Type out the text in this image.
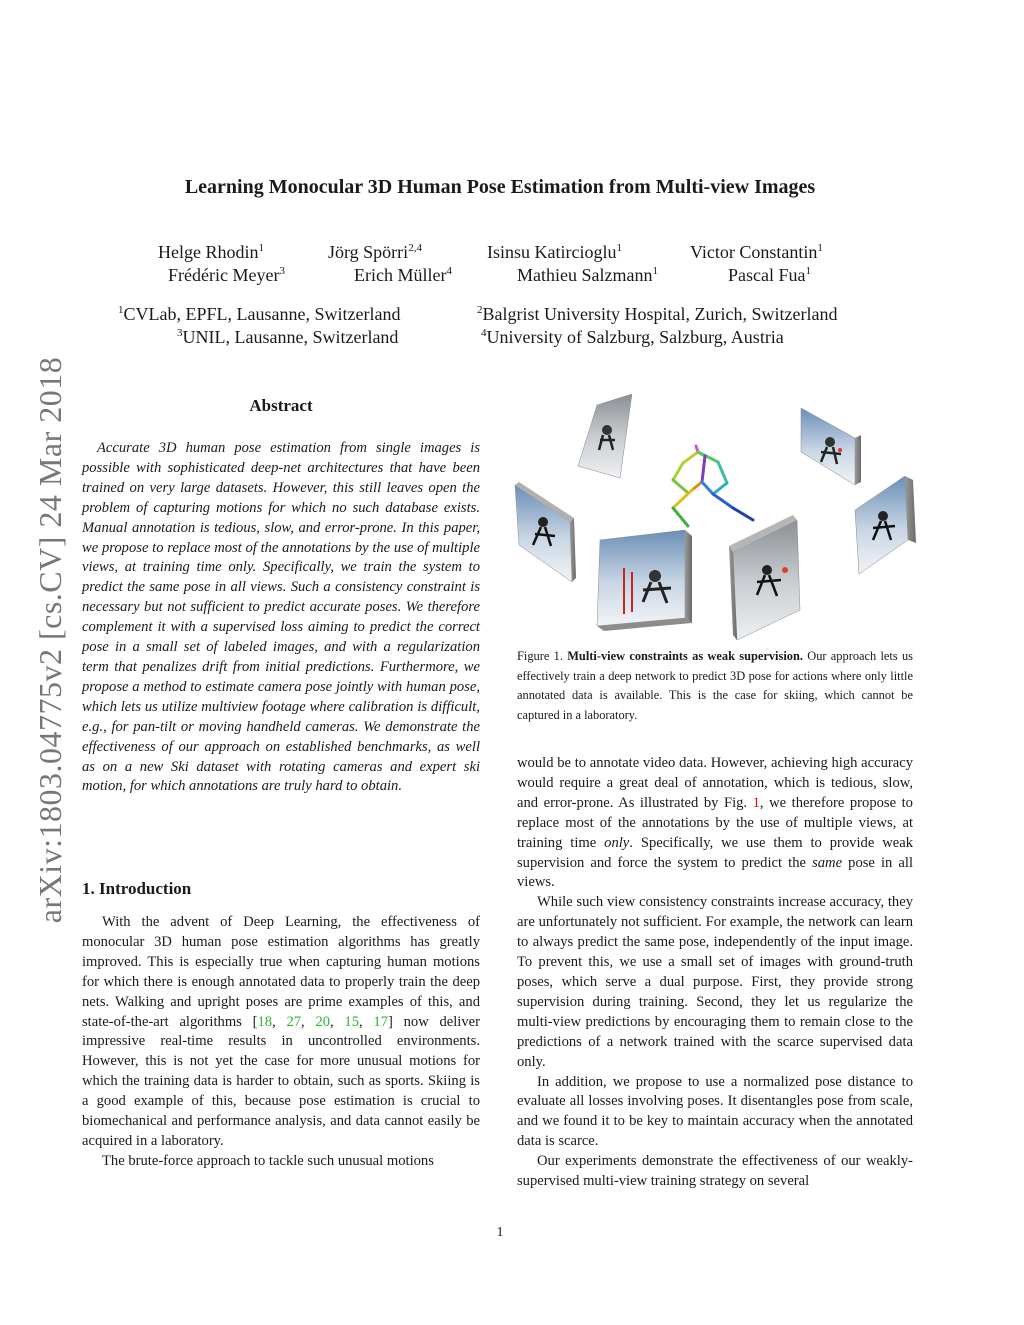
arXiv:1803.04775v2 [cs.CV] 24 Mar 2018
Learning Monocular 3D Human Pose Estimation from Multi-view Images
Helge Rhodin$^1$	Jörg Spörri$^{2,4}$	Isinsu Katircioglu$^1$	Victor Constantin$^1$
Frédéric Meyer$^3$	Erich Müller$^4$	Mathieu Salzmann$^1$	Pascal Fua$^1$
$^1$CVLab, EPFL, Lausanne, Switzerland	$^2$Balgrist University Hospital, Zurich, Switzerland
$^3$UNIL, Lausanne, Switzerland	$^4$University of Salzburg, Salzburg, Austria
Abstract
Accurate 3D human pose estimation from single images is possible with sophisticated deep-net architectures that have been trained on very large datasets. However, this still leaves open the problem of capturing motions for which no such database exists. Manual annotation is tedious, slow, and error-prone. In this paper, we propose to replace most of the annotations by the use of multiple views, at training time only. Specifically, we train the system to predict the same pose in all views. Such a consistency constraint is necessary but not sufficient to predict accurate poses. We therefore complement it with a supervised loss aiming to predict the correct pose in a small set of labeled images, and with a regularization term that penalizes drift from initial predictions. Furthermore, we propose a method to estimate camera pose jointly with human pose, which lets us utilize multiview footage where calibration is difficult, e.g., for pan-tilt or moving handheld cameras. We demonstrate the effectiveness of our approach on established benchmarks, as well as on a new Ski dataset with rotating cameras and expert ski motion, for which annotations are truly hard to obtain.
1. Introduction

With the advent of Deep Learning, the effectiveness of monocular 3D human pose estimation algorithms has greatly improved. This is especially true when capturing human motions for which there is enough annotated data to properly train the deep nets. Walking and upright poses are prime examples of this, and state-of-the-art algorithms [18, 27, 20, 15, 17] now deliver impressive real-time results in uncontrolled environments. However, this is not yet the case for more unusual motions for which the training data is harder to obtain, such as sports. Skiing is a good example of this, because pose estimation is crucial to biomechanical and performance analysis, and data cannot easily be acquired in a laboratory.

The brute-force approach to tackle such unusual motions

Figure 1. Multi-view constraints as weak supervision. Our approach lets us effectively train a deep network to predict 3D pose for actions where only little annotated data is available. This is the case for skiing, which cannot be captured in a laboratory.

would be to annotate video data. However, achieving high accuracy would require a great deal of annotation, which is tedious, slow, and error-prone. As illustrated by Fig. 1, we therefore propose to replace most of the annotations by the use of multiple views, at training time only. Specifically, we use them to provide weak supervision and force the system to predict the same pose in all views.

While such view consistency constraints increase accuracy, they are unfortunately not sufficient. For example, the network can learn to always predict the same pose, independently of the input image. To prevent this, we use a small set of images with ground-truth poses, which serve a dual purpose. First, they provide strong supervision during training. Second, they let us regularize the multi-view predictions by encouraging them to remain close to the predictions of a network trained with the scarce supervised data only.

In addition, we propose to use a normalized pose distance to evaluate all losses involving poses. It disentangles pose from scale, and we found it to be key to maintain accuracy when the annotated data is scarce.

Our experiments demonstrate the effectiveness of our weakly-supervised multi-view training strategy on several

1
